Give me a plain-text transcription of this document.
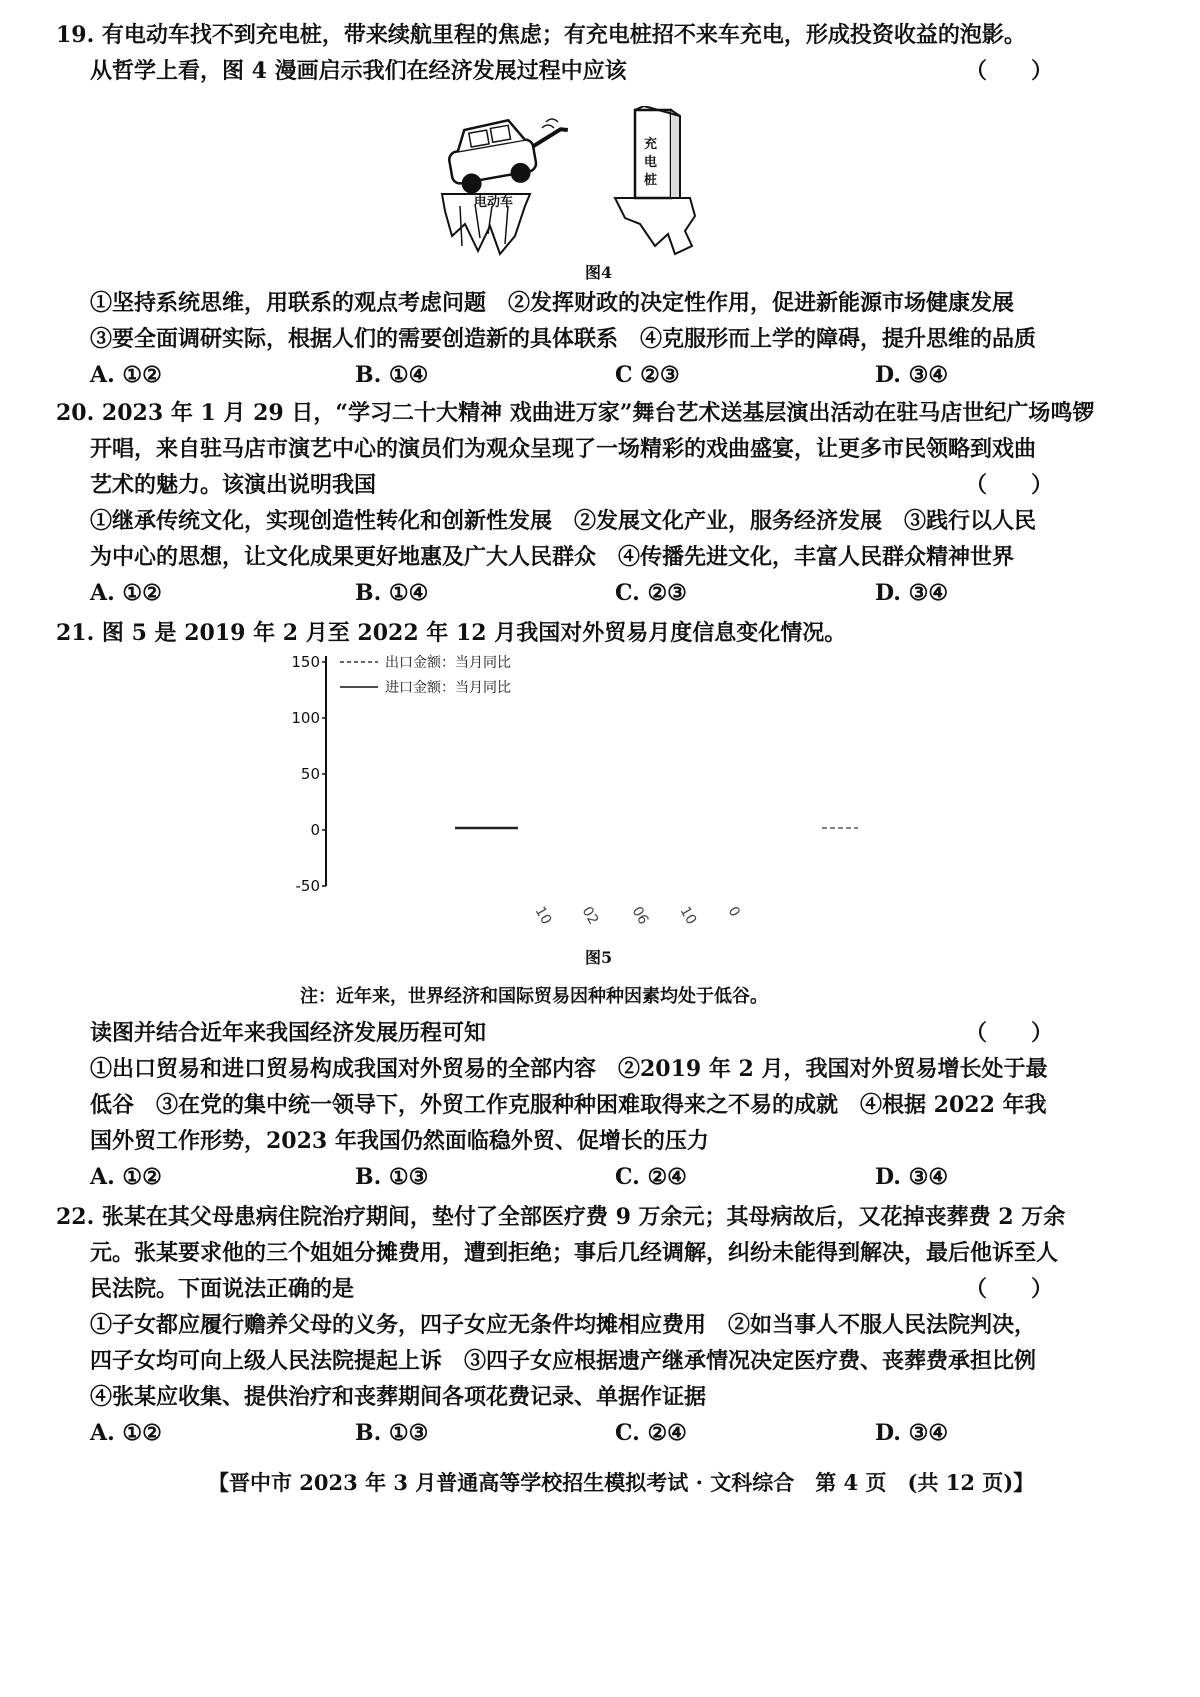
19. 有电动车找不到充电桩，带来续航里程的焦虑；有充电桩招不来车充电，形成投资收益的泡影。
从哲学上看，图 4 漫画启示我们在经济发展过程中应该	（　　）
电动车
充
电
桩
图4
①坚持系统思维，用联系的观点考虑问题　②发挥财政的决定性作用，促进新能源市场健康发展
③要全面调研实际，根据人们的需要创造新的具体联系　④克服形而上学的障碍，提升思维的品质
A. ①②	B. ①④	C ②③	D. ③④
20. 2023 年 1 月 29 日，“学习二十大精神 戏曲进万家”舞台艺术送基层演出活动在驻马店世纪广场鸣锣
开唱，来自驻马店市演艺中心的演员们为观众呈现了一场精彩的戏曲盛宴，让更多市民领略到戏曲
艺术的魅力。该演出说明我国	（　　）
①继承传统文化，实现创造性转化和创新性发展　②发展文化产业，服务经济发展　③践行以人民
为中心的思想，让文化成果更好地惠及广大人民群众　④传播先进文化，丰富人民群众精神世界
A. ①②	B. ①④	C. ②③	D. ③④
21. 图 5 是 2019 年 2 月至 2022 年 12 月我国对外贸易月度信息变化情况。
150
100
50
0
-50
10 02 06 10 0
出口金额：当月同比
进口金额：当月同比
图5
注：近年来，世界经济和国际贸易因种种因素均处于低谷。
读图并结合近年来我国经济发展历程可知	（　　）
①出口贸易和进口贸易构成我国对外贸易的全部内容　②2019 年 2 月，我国对外贸易增长处于最
低谷　③在党的集中统一领导下，外贸工作克服种种困难取得来之不易的成就　④根据 2022 年我
国外贸工作形势，2023 年我国仍然面临稳外贸、促增长的压力
A. ①②	B. ①③	C. ②④	D. ③④
22. 张某在其父母患病住院治疗期间，垫付了全部医疗费 9 万余元；其母病故后，又花掉丧葬费 2 万余
元。张某要求他的三个姐姐分摊费用，遭到拒绝；事后几经调解，纠纷未能得到解决，最后他诉至人
民法院。下面说法正确的是	（　　）
①子女都应履行赡养父母的义务，四子女应无条件均摊相应费用　②如当事人不服人民法院判决，
四子女均可向上级人民法院提起上诉　③四子女应根据遗产继承情况决定医疗费、丧葬费承担比例
④张某应收集、提供治疗和丧葬期间各项花费记录、单据作证据
A. ①②	B. ①③	C. ②④	D. ③④
【晋中市 2023 年 3 月普通高等学校招生模拟考试 · 文科综合　第 4 页　(共 12 页)】
